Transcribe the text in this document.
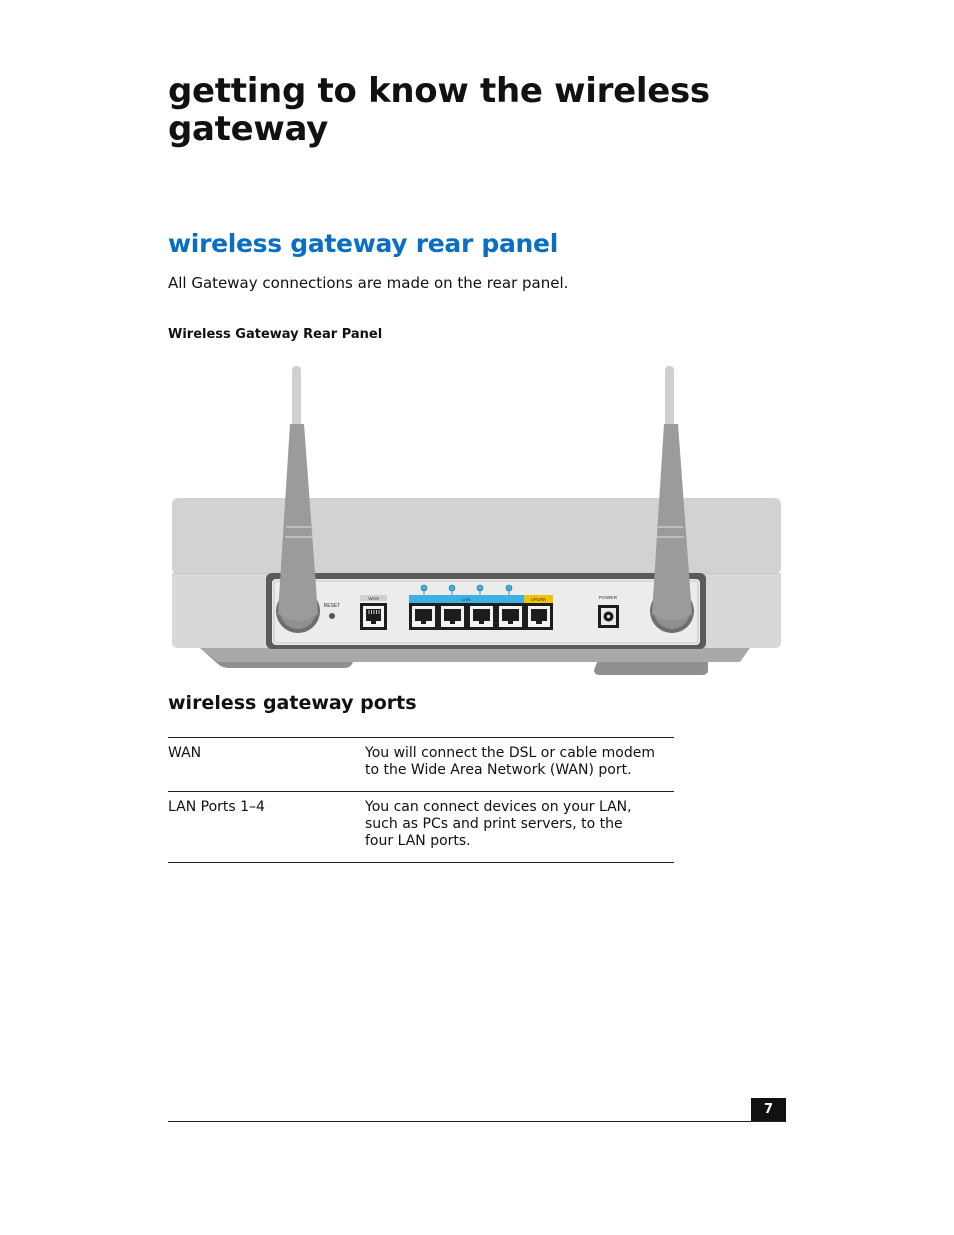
getting to know the wireless gateway
wireless gateway rear panel

All Gateway connections are made on the rear panel.

Wireless Gateway Rear Panel

RESET
WAN	LAN	UPLINK	POWER
wireless gateway ports
WAN	You will connect the DSL or cable modem to the Wide Area Network (WAN) port.
LAN Ports 1–4	You can connect devices on your LAN, such as PCs and print servers, to the four LAN ports.
7
